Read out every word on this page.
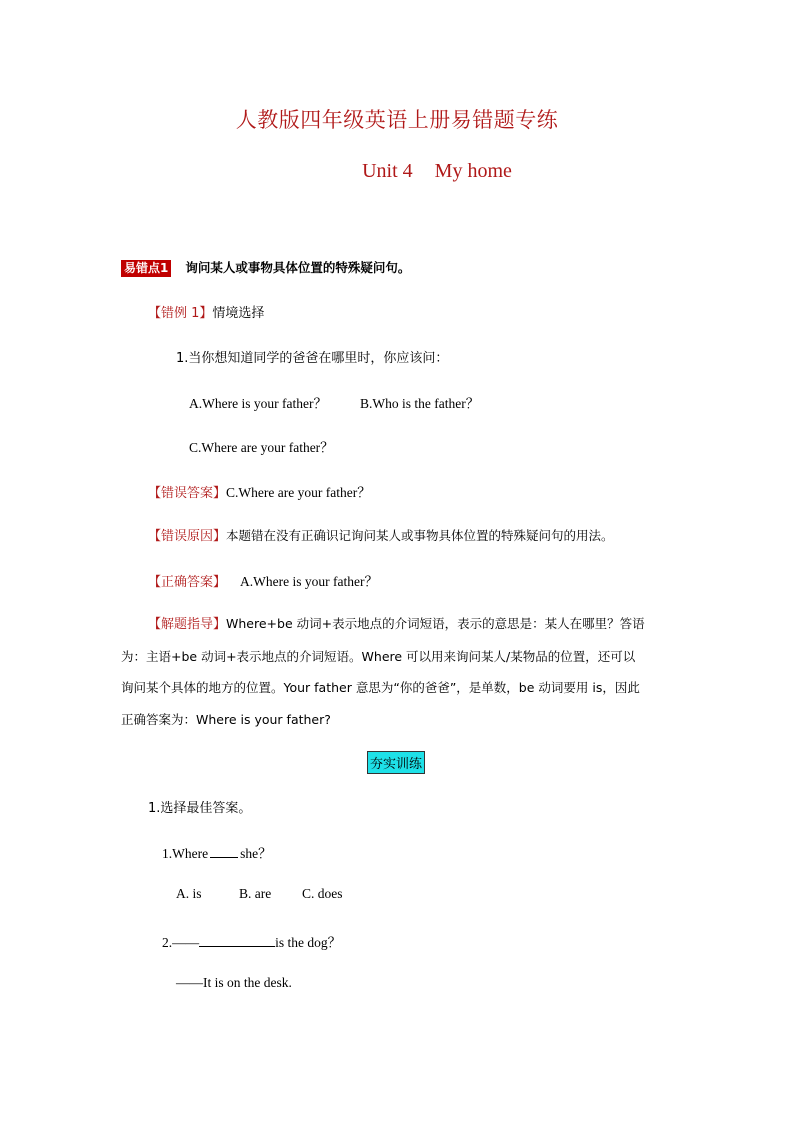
人教版四年级英语上册易错题专练
Unit 4 My home
易错点1 询问某人或事物具体位置的特殊疑问句。
【错例 1】情境选择
1.当你想知道同学的爸爸在哪里时，你应该问：
A.Where is your father？ B.Who is the father？
C.Where are your father？
【错误答案】C.Where are your father？
【错误原因】本题错在没有正确识记询问某人或事物具体位置的特殊疑问句的用法。
【正确答案】 A.Where is your father？
【解题指导】Where+be 动词+表示地点的介词短语，表示的意思是：某人在哪里？答语
为：主语+be 动词+表示地点的介词短语。Where 可以用来询问某人/某物品的位置，还可以
询问某个具体的地方的位置。Your father 意思为“你的爸爸”，是单数，be 动词要用 is，因此
正确答案为：Where is your father?
夯实训练
1.选择最佳答案。
1.Where she？
A. is	B. are C. does
2.——	is the dog？
——It is on the desk.
